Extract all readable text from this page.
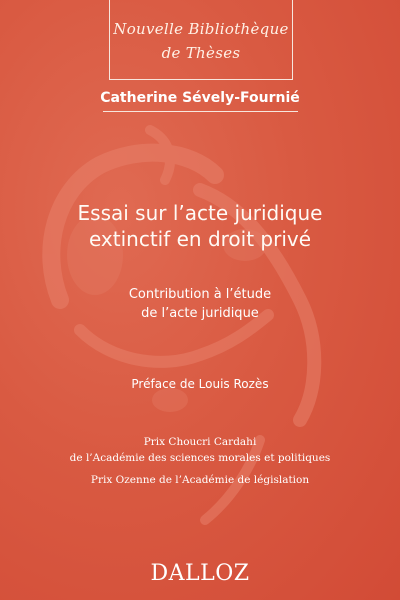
Nouvelle Bibliothèque
de Thèses
Catherine Sévely-Fournié
Essai sur l’acte juridique
extinctif en droit privé
Contribution à l’étude
de l’acte juridique
Préface de Louis Rozès
Prix Choucri Cardahi
de l’Académie des sciences morales et politiques
Prix Ozenne de l’Académie de législation
DALLOZ
